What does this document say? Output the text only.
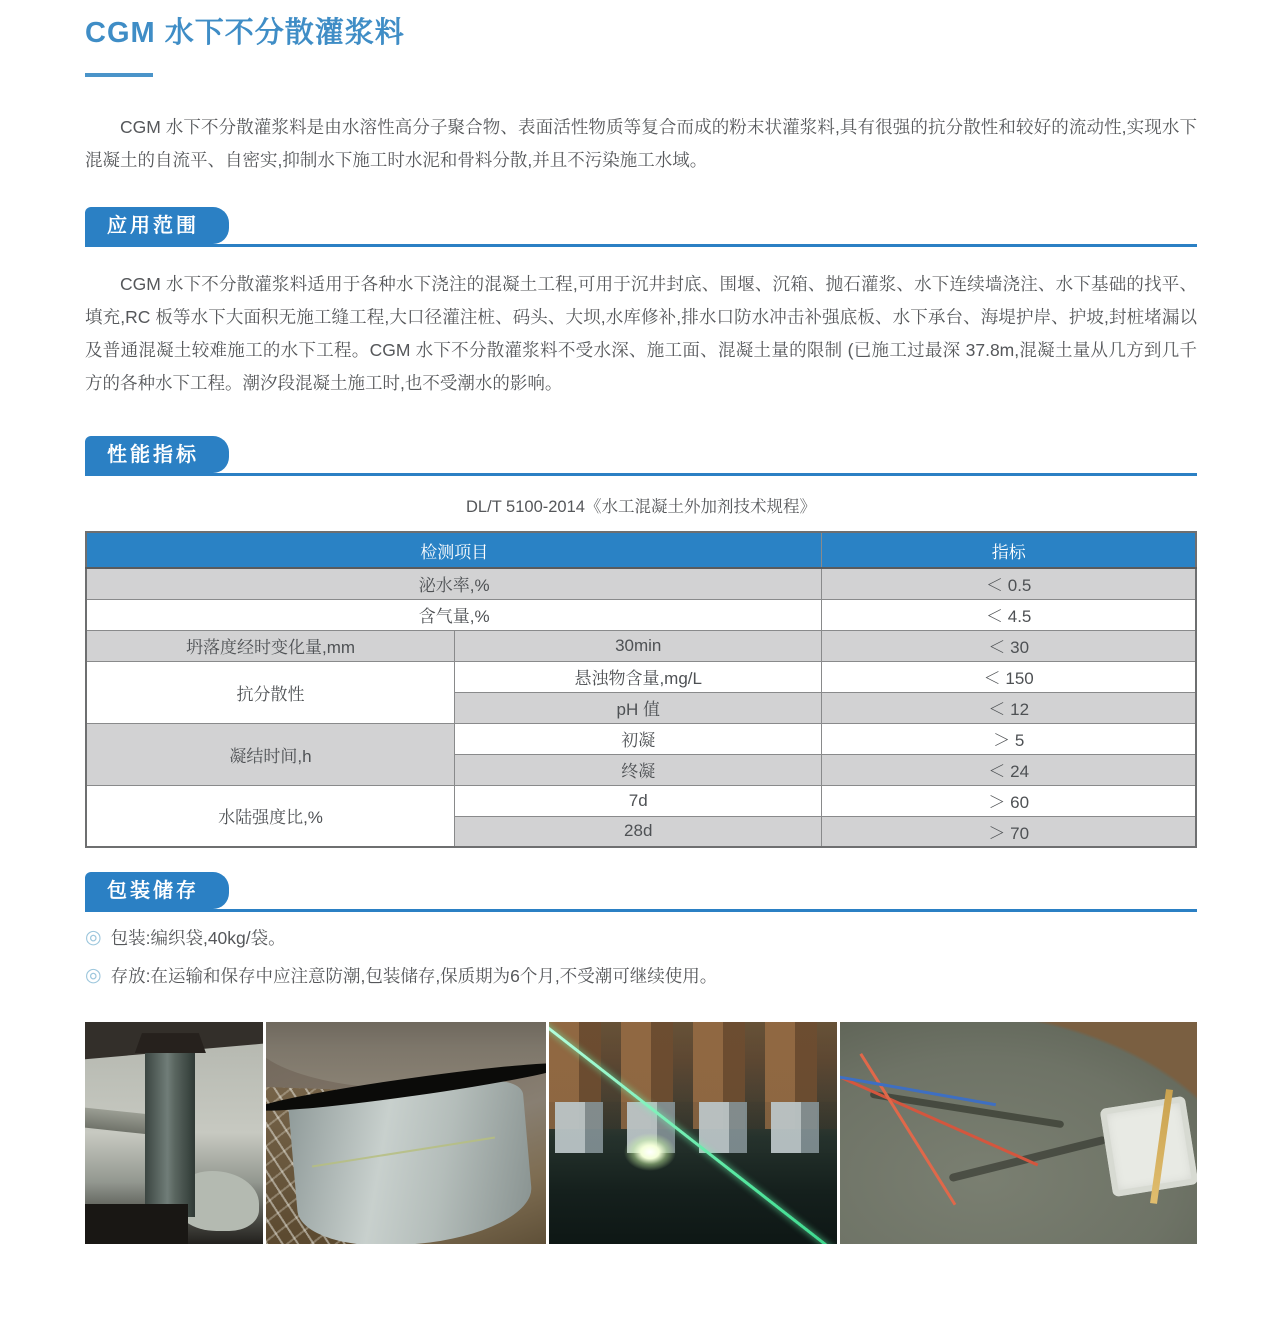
CGM 水下不分散灌浆料

CGM 水下不分散灌浆料是由水溶性高分子聚合物、表面活性物质等复合而成的粉末状灌浆料,具有很强的抗分散性和较好的流动性,实现水下混凝土的自流平、自密实,抑制水下施工时水泥和骨料分散,并且不污染施工水域。

应用范围

CGM 水下不分散灌浆料适用于各种水下浇注的混凝土工程,可用于沉井封底、围堰、沉箱、抛石灌浆、水下连续墙浇注、水下基础的找平、填充,RC 板等水下大面积无施工缝工程,大口径灌注桩、码头、大坝,水库修补,排水口防水冲击补强底板、水下承台、海堤护岸、护坡,封桩堵漏以及普通混凝土较难施工的水下工程。CGM 水下不分散灌浆料不受水深、施工面、混凝土量的限制 (已施工过最深 37.8m,混凝土量从几方到几千方的各种水下工程。潮汐段混凝土施工时,也不受潮水的影响。

性能指标

DL/T 5100-2014《水工混凝土外加剂技术规程》

检测项目		指标
泌水率,%		＜ 0.5
含气量,%		＜ 4.5
坍落度经时变化量,mm	30min	＜ 30
抗分散性	悬浊物含量,mg/L	＜ 150
	pH 值	＜ 12
凝结时间,h	初凝	＞ 5
	终凝	＜ 24
水陆强度比,%	7d	＞ 60
	28d	＞ 70
包装储存
◎ 包装:编织袋,40kg/袋。
◎ 存放:在运输和保存中应注意防潮,包装储存,保质期为6个月,不受潮可继续使用。
